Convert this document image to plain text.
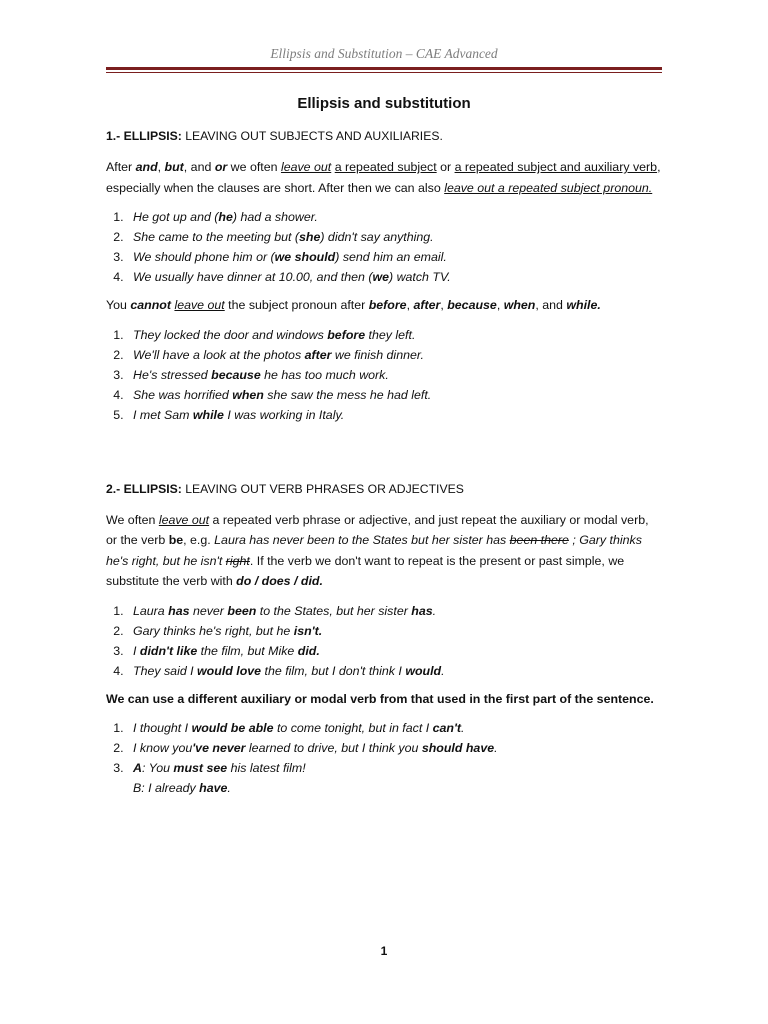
Ellipsis and Substitution – CAE Advanced
Ellipsis and substitution
1.- ELLIPSIS: LEAVING OUT SUBJECTS AND AUXILIARIES.

After and, but, and or we often leave out a repeated subject or a repeated subject and auxiliary verb, especially when the clauses are short. After then we can also leave out a repeated subject pronoun.

1. He got up and (he) had a shower.
2. She came to the meeting but (she) didn't say anything.
3. We should phone him or (we should) send him an email.
4. We usually have dinner at 10.00, and then (we) watch TV.

You cannot leave out the subject pronoun after before, after, because, when, and while.

1. They locked the door and windows before they left.
2. We'll have a look at the photos after we finish dinner.
3. He's stressed because he has too much work.
4. She was horrified when she saw the mess he had left.
5. I met Sam while I was working in Italy.
2.- ELLIPSIS: LEAVING OUT VERB PHRASES OR ADJECTIVES

We often leave out a repeated verb phrase or adjective, and just repeat the auxiliary or modal verb, or the verb be, e.g. Laura has never been to the States but her sister has been there ; Gary thinks he's right, but he isn't right. If the verb we don't want to repeat is the present or past simple, we substitute the verb with do / does / did.

1. Laura has never been to the States, but her sister has.
2. Gary thinks he's right, but he isn't.
3. I didn't like the film, but Mike did.
4. They said I would love the film, but I don't think I would.

We can use a different auxiliary or modal verb from that used in the first part of the sentence.

1. I thought I would be able to come tonight, but in fact I can't.
2. I know you've never learned to drive, but I think you should have.
3. A: You must see his latest film!
B: I already have.
1
